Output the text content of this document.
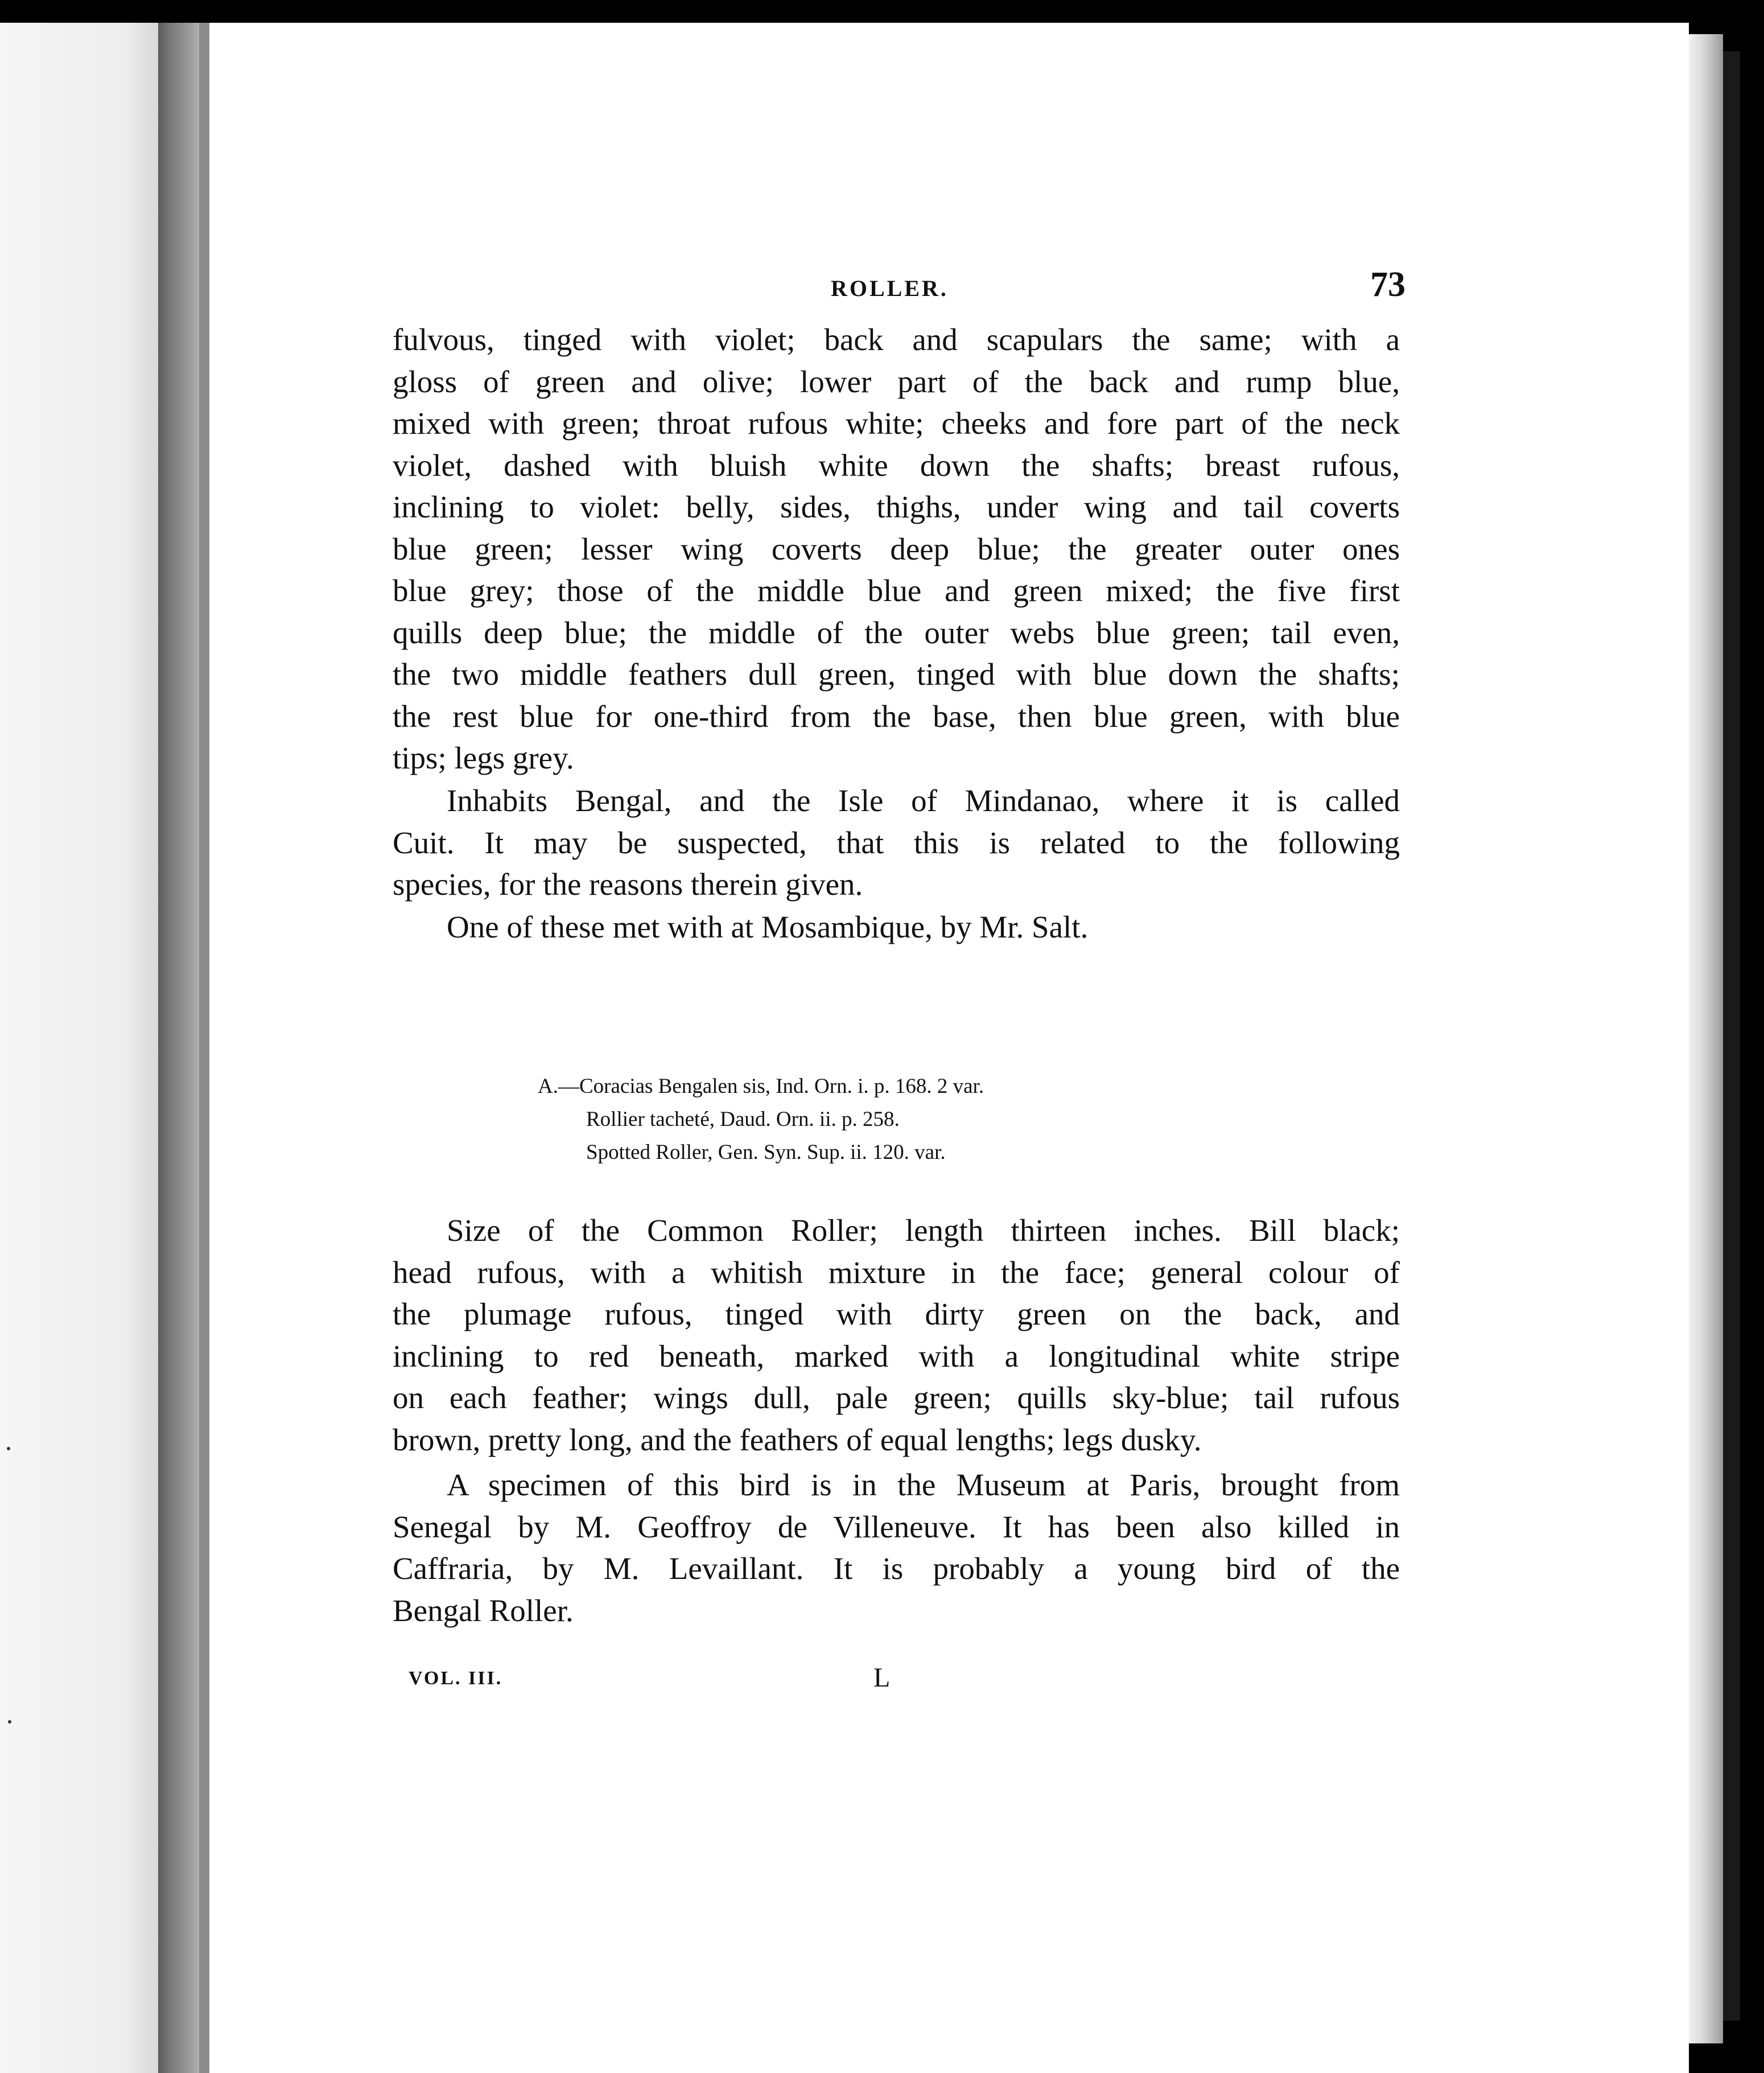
ROLLER.	73
fulvous, tinged with violet; back and scapulars the same; with a
gloss of green and olive; lower part of the back and rump blue,
mixed with green; throat rufous white; cheeks and fore part of the neck
violet, dashed with bluish white down the shafts; breast rufous,
inclining to violet: belly, sides, thighs, under wing and tail coverts
blue green; lesser wing coverts deep blue; the greater outer ones
blue grey; those of the middle blue and green mixed; the five first
quills deep blue; the middle of the outer webs blue green; tail even,
the two middle feathers dull green, tinged with blue down the shafts;
the rest blue for one-third from the base, then blue green, with blue
tips; legs grey.
Inhabits Bengal, and the Isle of Mindanao, where it is called
Cuit. It may be suspected, that this is related to the following
species, for the reasons therein given.
One of these met with at Mosambique, by Mr. Salt.
A.—Coracias Bengalen sis, Ind. Orn. i. p. 168. 2 var.
Rollier tacheté, Daud. Orn. ii. p. 258.
Spotted Roller, Gen. Syn. Sup. ii. 120. var.
Size of the Common Roller; length thirteen inches. Bill black;
head rufous, with a whitish mixture in the face; general colour of
the plumage rufous, tinged with dirty green on the back, and
inclining to red beneath, marked with a longitudinal white stripe
on each feather; wings dull, pale green; quills sky-blue; tail rufous
brown, pretty long, and the feathers of equal lengths; legs dusky.
A specimen of this bird is in the Museum at Paris, brought from
Senegal by M. Geoffroy de Villeneuve. It has been also killed in
Caffraria, by M. Levaillant. It is probably a young bird of the
Bengal Roller.
VOL. III.	L
